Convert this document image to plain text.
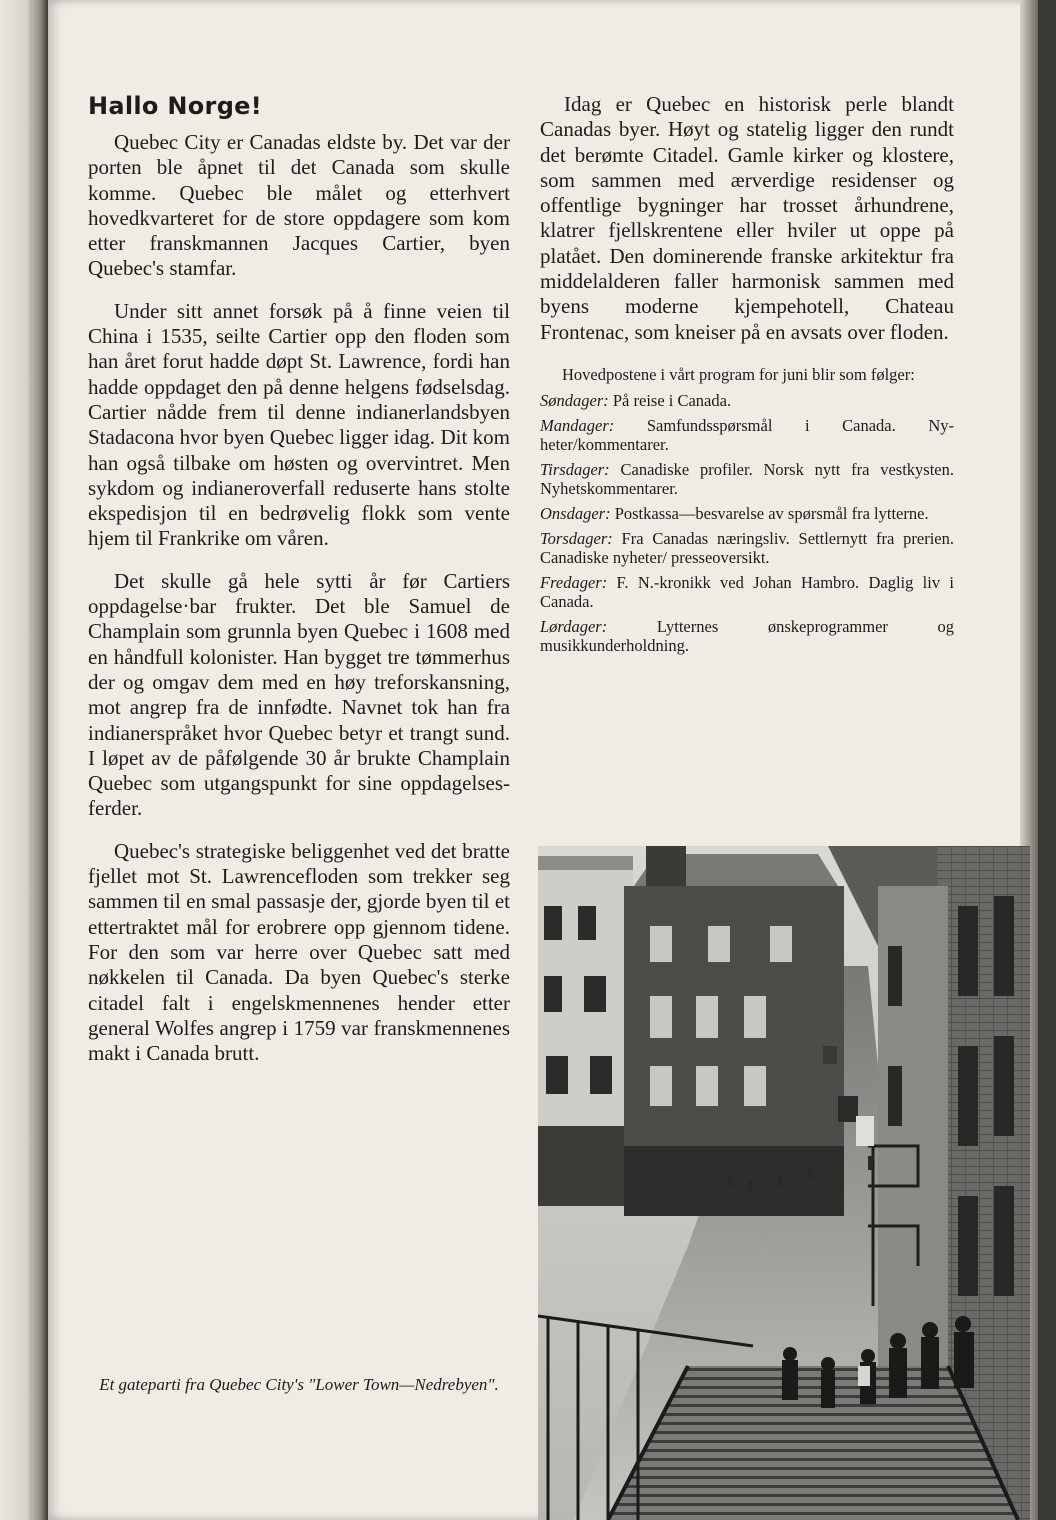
Hallo Norge!

Quebec City er Canadas eldste by. Det var der porten ble åpnet til det Canada som skulle komme. Quebec ble målet og etterhvert hovedkvarteret for de store oppdagere som kom etter franskmannen Jacques Cartier, byen Quebec's stamfar.

Under sitt annet forsøk på å finne veien til China i 1535, seilte Cartier opp den floden som han året forut hadde døpt St. Lawrence, fordi han hadde oppdaget den på denne helgens fødselsdag. Cartier nådde frem til denne indianerlandsbyen Stadacona hvor byen Quebec ligger idag. Dit kom han også tilbake om høsten og overvintret. Men sykdom og indianeroverfall reduserte hans stolte ekspedisjon til en bedrøvelig flokk som vente hjem til Frankrike om våren.

Det skulle gå hele sytti år før Cartiers oppdagelse·bar frukter. Det ble Samuel de Champlain som grunnla byen Quebec i 1608 med en håndfull kolonister. Han bygget tre tømmerhus der og omgav dem med en høy treforskansning, mot angrep fra de innfødte. Navnet tok han fra indianerspråket hvor Quebec betyr et trangt sund. I løpet av de påfølgende 30 år brukte Champlain Quebec som utgangspunkt for sine oppdagelsesferder.

Quebec's strategiske beliggenhet ved det bratte fjellet mot St. Lawrencefloden som trekker seg sammen til en smal passasje der, gjorde byen til et ettertraktet mål for erobrere opp gjennom tidene. For den som var herre over Quebec satt med nøkkelen til Canada. Da byen Quebec's sterke citadel falt i engelskmennenes hender etter general Wolfes angrep i 1759 var franskmennenes makt i Canada brutt.

Et gateparti fra Quebec City's "Lower Town—Nedrebyen".

Idag er Quebec en historisk perle blandt Canadas byer. Høyt og statelig ligger den rundt det berømte Citadel. Gamle kirker og klostere, som sammen med ærverdige residenser og offentlige bygninger har trosset århundrene, klatrer fjellskrentene eller hviler ut oppe på platået. Den dominerende franske arkitektur fra middelalderen faller harmonisk sammen med byens moderne kjempehotell, Chateau Frontenac, som kneiser på en avsats over floden.

Hovedpostene i vårt program for juni blir som følger:

Søndager: På reise i Canada.

Mandager: Samfundsspørsmål i Canada. Nyheter/kommentarer.

Tirsdager: Canadiske profiler. Norsk nytt fra vestkysten. Nyhetskommentarer.

Onsdager: Postkassa—besvarelse av spørsmål fra lytterne.

Torsdager: Fra Canadas næringsliv. Settlernytt fra prerien. Canadiske nyheter/ presseoversikt.

Fredager: F. N.-kronikk ved Johan Hambro. Daglig liv i Canada.

Lørdager:	Lytternes ønskeprogrammer og musikkunderholdning.
